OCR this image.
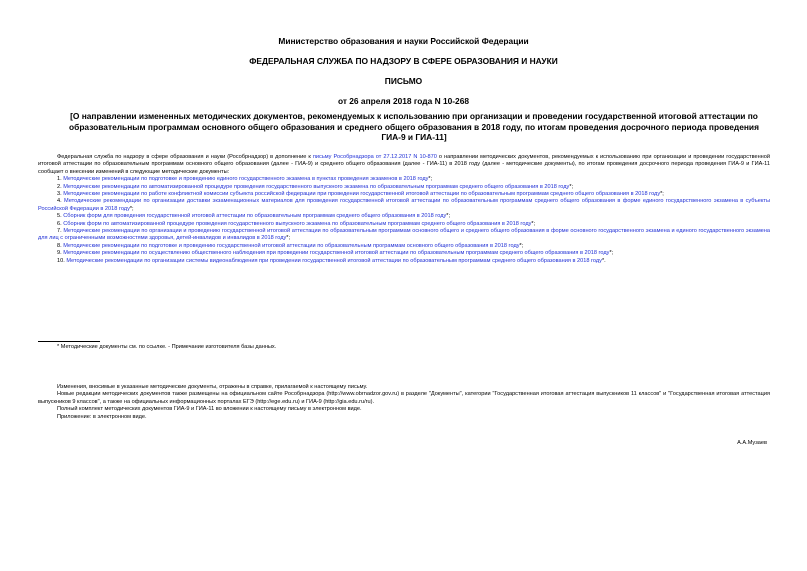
Министерство образования и науки Российской Федерации
ФЕДЕРАЛЬНАЯ СЛУЖБА ПО НАДЗОРУ В СФЕРЕ ОБРАЗОВАНИЯ И НАУКИ
ПИСЬМО
от 26 апреля 2018 года N 10-268
[О направлении измененных методических документов, рекомендуемых к использованию при организации и проведении государственной итоговой аттестации по образовательным программам основного общего образования и среднего общего образования в 2018 году, по итогам проведения досрочного периода проведения ГИА-9 и ГИА-11]

Федеральная служба по надзору в сфере образования и науки (Рособрнадзор) в дополнение к письму Рособрнадзора от 27.12.2017 N 10-870 о направлении методических документов, рекомендуемых к использованию при организации и проведении государственной итоговой аттестации по образовательным программам основного общего образования (далее - ГИА-9) и среднего общего образования (далее - ГИА-11) в 2018 году (далее - методические документы), по итогам проведения досрочного периода проведения ГИА-9 и ГИА-11 сообщает о внесении изменений в следующие методические документы:

1. Методические рекомендации по подготовке и проведению единого государственного экзамена в пунктах проведения экзаменов в 2018 году*;

2. Методические рекомендации по автоматизированной процедуре проведения государственного выпускного экзамена по образовательным программам среднего общего образования в 2018 году*;

3. Методические рекомендации по работе конфликтной комиссии субъекта российской федерации при проведении государственной итоговой аттестации по образовательным программам среднего общего образования в 2018 году*;

4. Методические рекомендации по организации доставки экзаменационных материалов для проведения государственной итоговой аттестации по образовательным программам среднего общего образования в форме единого государственного экзамена в субъекты Российской Федерации в 2018 году*;

5. Сборник форм для проведения государственной итоговой аттестации по образовательным программам среднего общего образования в 2018 году*;

6. Сборник форм по автоматизированной процедуре проведения государственного выпускного экзамена по образовательным программам среднего общего образования в 2018 году*;

7. Методические рекомендации по организации и проведению государственной итоговой аттестации по образовательным программам основного общего и среднего общего образования в форме основного государственного экзамена и единого государственного экзамена для лиц с ограниченными возможностями здоровья, детей-инвалидов и инвалидов в 2018 году*;

8. Методические рекомендации по подготовке и проведению государственной итоговой аттестации по образовательным программам основного общего образования в 2018 году*;

9. Методические рекомендации по осуществлению общественного наблюдения при проведении государственной итоговой аттестации по образовательным программам среднего общего образования в 2018 году*;

10. Методические рекомендации по организации системы видеонаблюдения при проведении государственной итоговой аттестации по образовательным программам среднего общего образования в 2018 году*.

* Методические документы см. по ссылке. - Примечание изготовителя базы данных.

Изменения, вносимые в указанные методические документы, отражены в справке, прилагаемой к настоящему письму.

Новые редакции методических документов также размещены на официальном сайте Рособрнадзора (http://www.obrnadzor.gov.ru) в разделе "Документы", категории "Государственная итоговая аттестация выпускников 11 классов" и "Государственная итоговая аттестация выпускников 9 классов", а также на официальных информационных порталах ЕГЭ (http://ege.edu.ru) и ГИА-9 (http://gia.edu.ru/ru).

Полный комплект методических документов ГИА-9 и ГИА-11 во вложении к настоящему письму в электронном виде.

Приложение: в электронном виде.

А.А.Музаев
